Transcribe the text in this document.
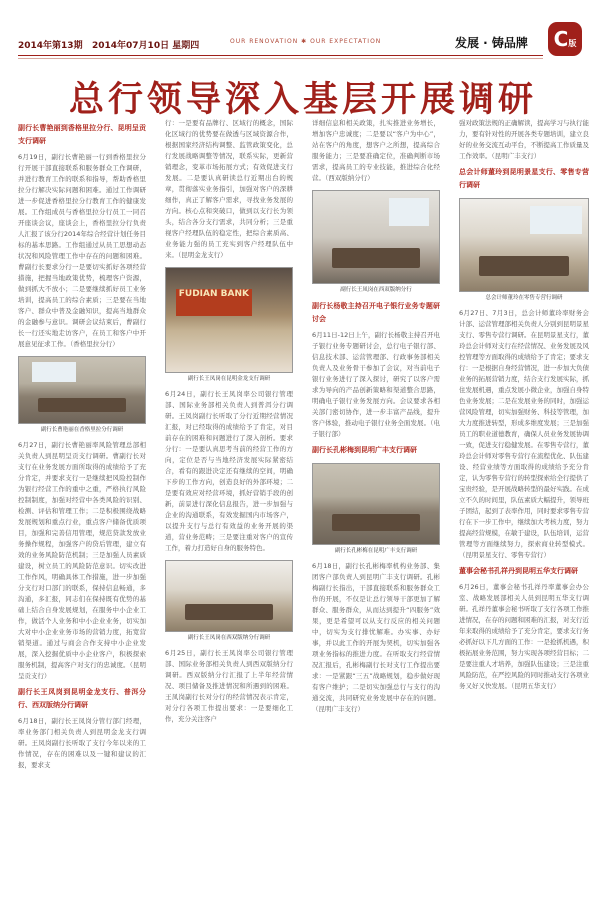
2014年第13期 2014年07月10日 星期四	OUR RENOVATION ✱ OUR EXPECTATION	发展 · 铸品牌 C版
总行领导深入基层开展调研
副行长曹艳丽到香格里拉分行、昆明呈贡支行调研

6月19日，副行长曹艳丽一行到香格里拉分行开展干部直接联系和服务群众工作调研，并进行教育工作的联系和指导，帮助香格里拉分行解决实际问题和困难。通过工作调研进一步促进香格里拉分行教育工作的健康发展。工作组成员与香格里拉分行员工一同召开座谈会议，座谈会上，香格里拉分行负责人汇报了该分行2014年综合经营计划任务目标的基本思路。工作组通过从员工思想动态状况和风险管理工作中存在的问题和困难。曹副行长要求分行一是要切实抓好各项经营措施，把握当地政策优势，梳理客户资源，做到抓大不放小；二是要继续抓好员工业务培训，提高员工的综合素质；三是要在当地客户、群众中普及金融知识，提高当地群众的金融参与意识。调研会议结束后，曹副行长一行还实地走访客户，在员工和客户中开展意见征求工作。（香格里拉分行）

副行长曹艳丽在香格里拉分行调研

6月27日，副行长曹艳丽率风险管理总部相关负责人到昆明呈贡支行调研。曹副行长对支行在业务发展方面所取得的成绩给予了充分肯定，并要求支行一是继续把风险控制作为银行经营工作的重中之重，严格执行风险控制制度，加强对经营中各类风险的识别、检测、评估和管理工作；二是积极围绕战略发展规划和重点行业，重点客户储备优质项目，加强和完善信用管理，规范贷款发放业务操作规程，加强客户的贷后管理，建立有效的业务风险防范机制；三是加强人员素质建设，树立员工的风险防范意识。切实改进工作作风，明确具体工作措施，进一步加强分支行对口部门的联系，保持信息畅通，多沟通，多汇报，同志们在保持既有优势的基础上结合自身发展规划，在服务中小企业工作，做活个人业务和中小企业业务，切实加大对中小企业业务市场的营销力度，拓宽营销渠道。通过与商会合作支持中小企业发展，深入挖掘优质中小企业客户，积极探索服务机制，提高客户对支行的忠诚度。（昆明呈贡支行）

副行长王凤岗到昆明金龙支行、普洱分行、西双版纳分行调研

6月18日，副行长王凤岗分管行部门经理，率业务部门相关负责人到昆明金龙支行调研。王凤岗副行长听取了支行今年以来的工作情况，存在的困难以及一键和建议的汇报，要求支

行：一是要有品牌行、区域行的概念，国际化区域行的优势要在做透与区域资源合作，根据国家经济结构调整、监管政策变化，总行发展战略调整等情况，联系实际，更新营销理念，变革市场拓展方式；有效促进支行发展。二是要认真研读总行近期出台的规章，贯彻落实业务指引，加强对客户的深耕细作，真正了解客户需求，寻找业务发展的方向。核心点和突破口，做到以支行长为领头，结合各分支行需求，共同分析；三是重视客户经理队伍的稳定性，把综合素质高、业务能力强的员工充实到客户经理队伍中来。（昆明金龙支行）

FUDIAN BANK
副行长王凤岗在昆明金龙支行调研

6月24日，副行长王凤岗率公司银行管理部、国际业务部相关负责人到普洱分行调研。王凤岗副行长听取了分行近期经营情况汇报，对已经取得的成绩给予了肯定，对目前存在的困难和问题进行了深入剖析。要求分行：一是要认真思考当前的经营工作的方向，定位是否与当地经济发展实际紧密结合，看有的跟进决定还有继续的空间，明确下步的工作方向，创造良好的外部环境；二是要有效应对经营环境，抓好营销手段的创新，前景进行深化信息报告，进一步加强与企业的沟通联系，有效发掘国内市场客户，以提升支行与总行有效益的业务开展的渠道，营业务范畴；三是要注重对客户的宣传工作，着力打造好自身的服务特色。

副行长王凤岗在西双版纳分行调研

6月25日，副行长王凤岗率公司银行管理部、国际业务部相关负责人到西双版纳分行调研。西双版纳分行汇报了上半年经营情况、项目储备及推进情况和所遇到的困难。王凤岗副行长对分行的经营情况表示肯定，对分行各项工作提出要求：一是要细化工作，充分关注客户

详细信息和相关政策，扎实推进业务增长，增加客户忠诚度；二是要以“客户为中心”，站在客户的角度，想客户之所想，提高综合服务能力；三是要准确定位，准确判断市场需求，提高员工的专业技能，推进综合化经营。（西双版纳分行）

副行长王凤岗在西双版纳分行
副行长杨敬主持召开电子银行业务专题研讨会

6月11日-12日上午，副行长杨敬主持召开电子银行业务专题研讨会，总行电子银行部、信息技术部、运营管理部、行政事务部相关负责人及业务骨干参加了会议，对当前电子银行业务进行了深入探讨，研究了以客户需求为导向的产品创新策略和渠道整合思路，明确电子银行业务发展方向。会议要求各相关部门密切协作，进一步丰富产品线，提升客户体验，推动电子银行业务全面发展。（电子银行部）

副行长孔彬梅到昆明广丰支行调研
副行长孔彬梅在昆明广丰支行调研

6月18日，副行长孔彬梅率机构业务部、集团客户部负责人到昆明广丰支行调研。孔彬梅副行长指出，干部直接联系和服务群众工作的开展，不仅是让总行领导干部更加了解群众、服务群众，从而达到提升“四服务”效果，更是希望可以从支行反应的相关问题中，切实为支行排忧解难。办实事、办好事，并以此工作的开展为契机，切实加强各项业务指标的推进力度。在听取支行经营情况汇报后，孔彬梅副行长对支行工作提出要求：一是紧跟“三五”战略规划，稳步做好现有客户维护；二是切实加强总行与支行的沟通交流，共同研究业务发展中存在的问题。（昆明广丰支行）

强对政策法规的正确解读，提高学习与执行能力，要有针对性的开展各类专题培训，建立良好的业务交流互动平台，不断提高工作质量及工作效率。（昆明广丰支行）

总会计师董玲到昆明景星支行、零售专营行调研
总会计师董玲在零售专营行调研

6月27日、7月3日，总会计师董玲率财务会计部、运营管理部相关负责人分别到昆明景星支行、零售专营行调研。在昆明景星支行，董玲总会计师对支行在经营情况、业务发展及风控管理等方面取得的成绩给予了肯定；要求支行：一是根据自身经营情况，进一步加大负债业务的拓展营销力度，结合支行发展实际，抓住发展机遇，重点发展小微企业，加强自身特色业务发展；二是在发展业务的同时，加强运营风险管理，切实加强财务、科技等管理，加大力度推进转型，形成多维度发展；三是加强员工的职业道德教育，确保人员业务发展协调一致，促进支行稳健发展。在零售专营行，董玲总会计师对零售专营行在流程优化、队伍建设、经营业绩等方面取得的成绩给予充分肯定，认为零售专营行的转型探索给全行提供了宝贵经验，是开展战略转型的最好实践。在成立不久的时间里，队伍素质大幅提升，领导班子团结，起到了表率作用，同时要求零售专营行在下一步工作中，继续加大考核力度，努力提高经营规模，在敏于建设，队伍培训，运营管理等方面继续努力，探索商业转型模式。（昆明景星支行、零售专营行）

董事会秘书孔祥丹到昆明五华支行调研

6月26日，董事会秘书孔祥丹率董事会办公室、战略发展部相关人员到昆明五华支行调研。孔祥丹董事会秘书听取了支行各项工作推进情况，在存的问题和困难的汇报，对支行近年来取得的成绩给予了充分肯定，要求支行务必抓好以下几方面的工作：一是抢抓机遇，积极拓展业务范围，努力实现各项经营目标；二是要注重人才培养，加强队伍建设；三是注重风险防范，在严控风险的同时推动支行各项业务又好又快发展。（昆明五华支行）
